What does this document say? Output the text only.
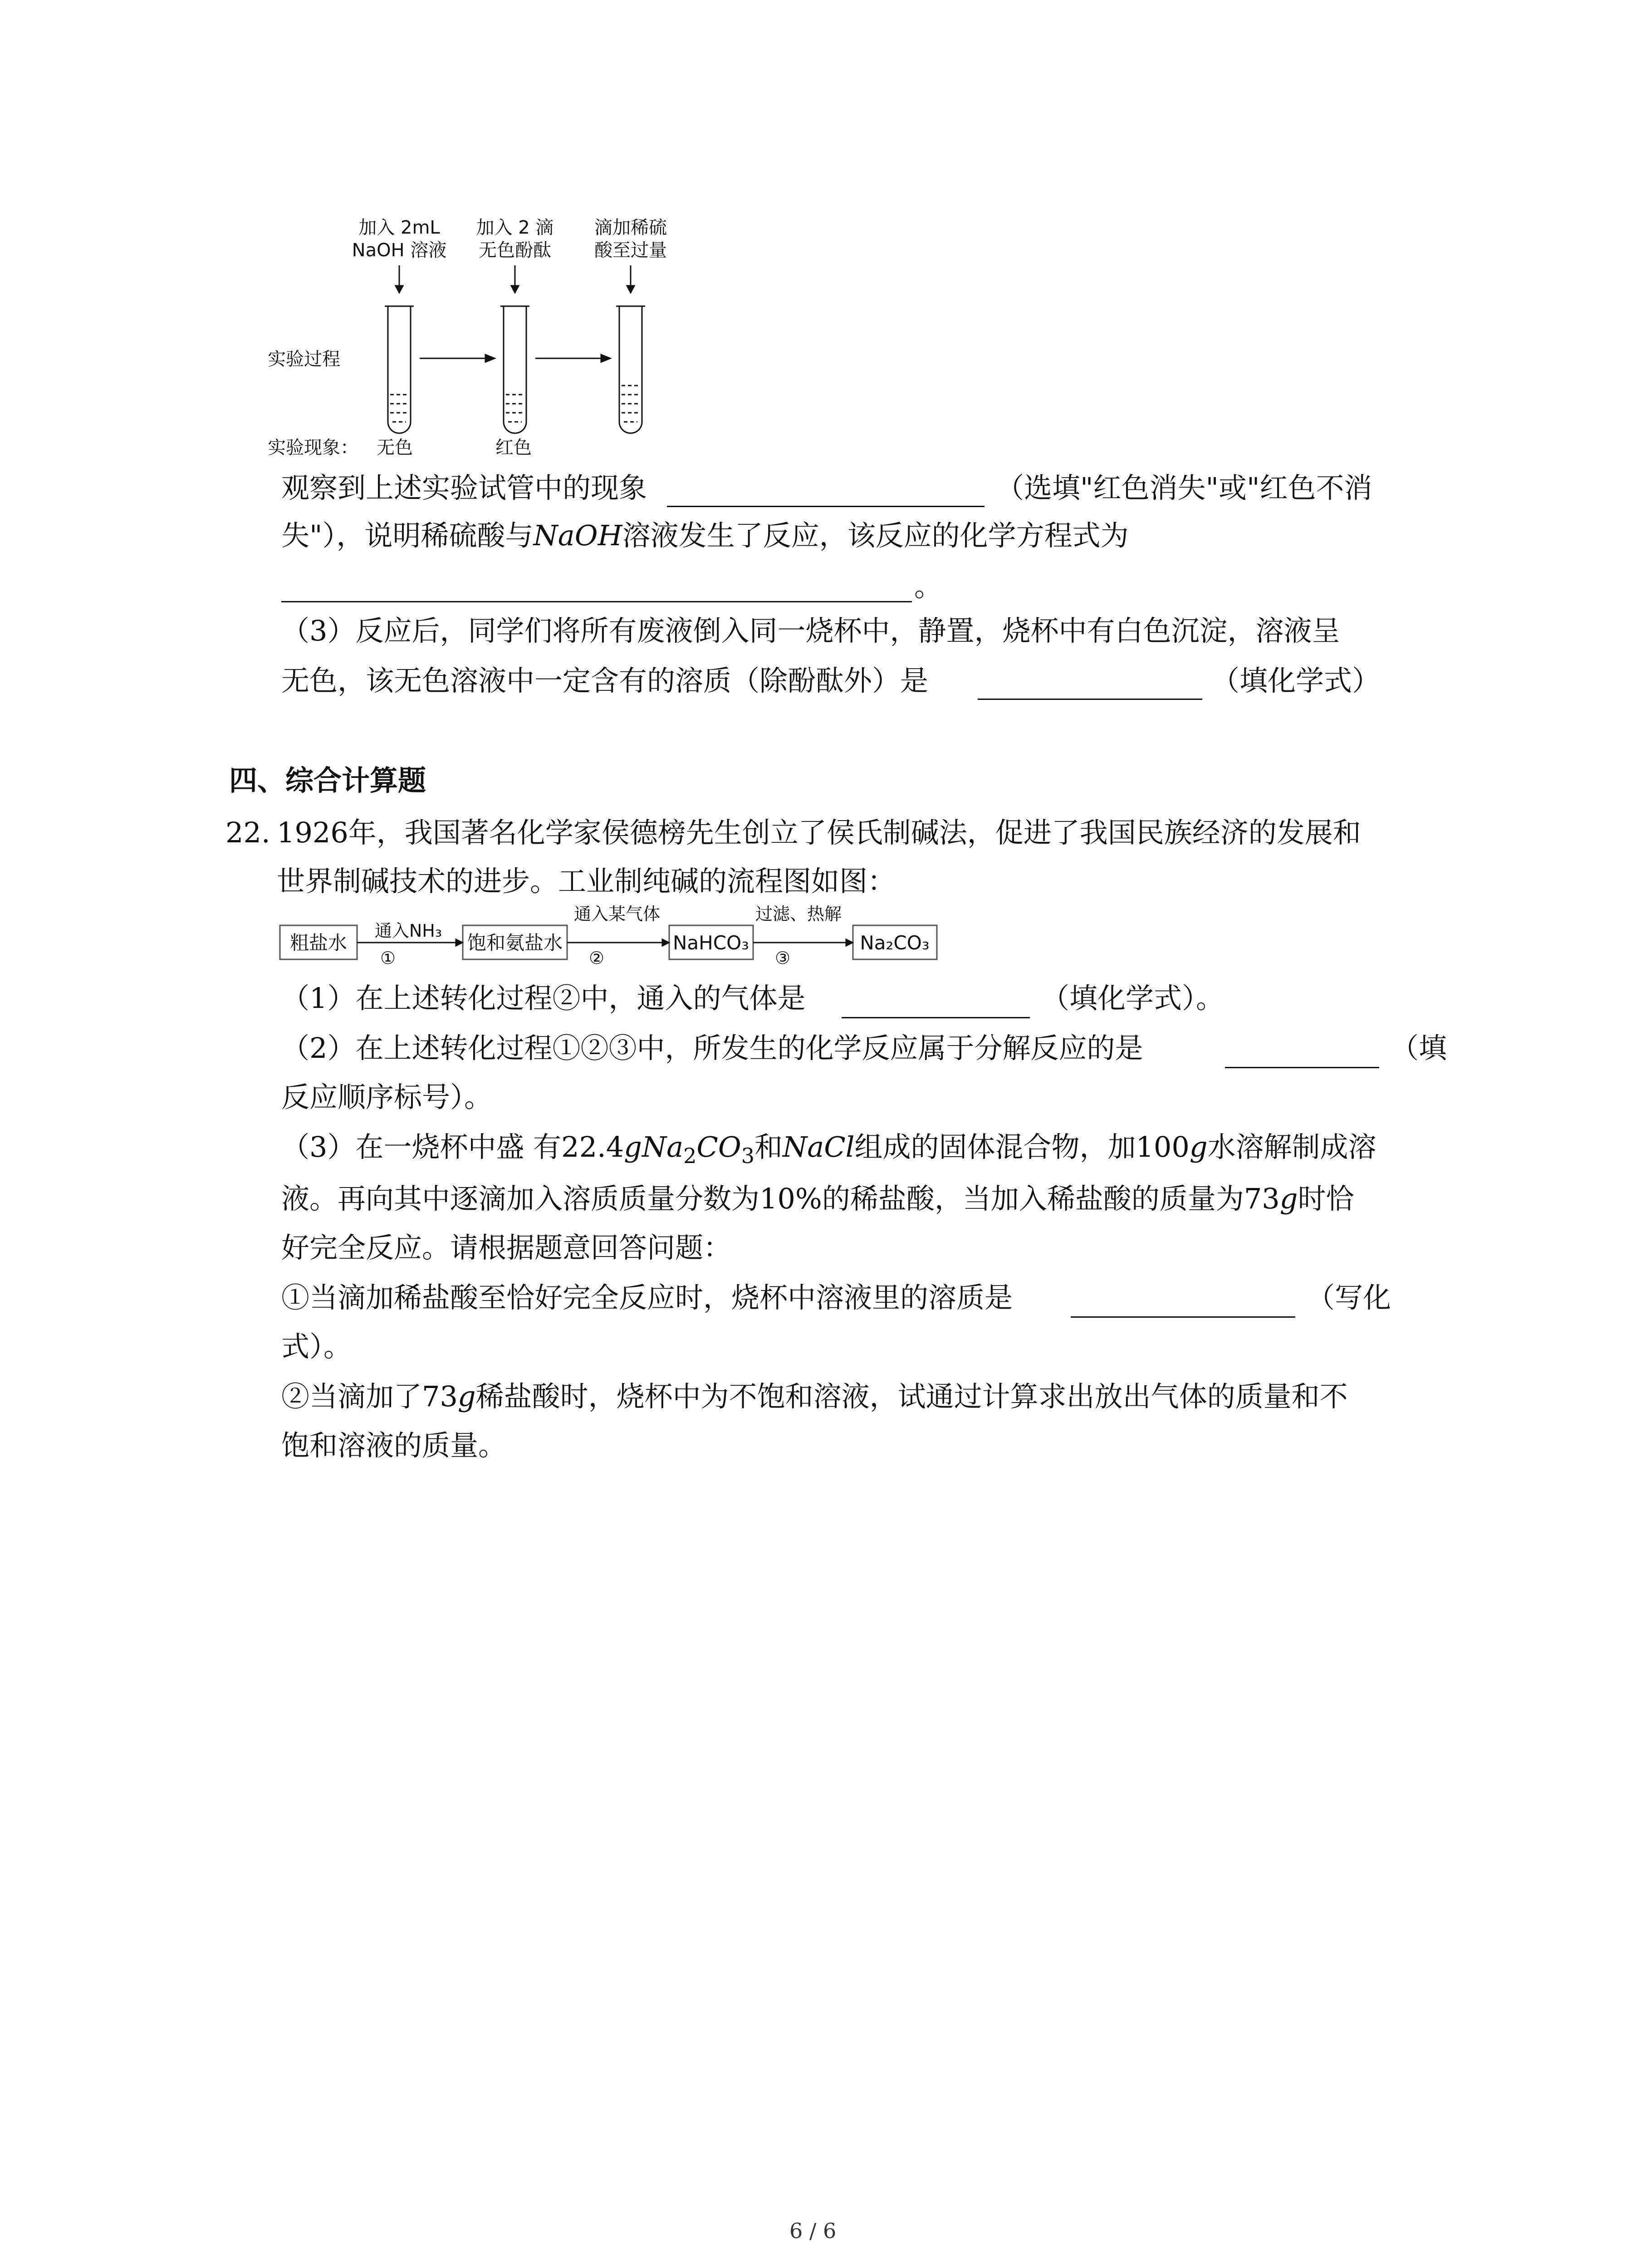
加入 2mL
NaOH 溶液
加入 2 滴
无色酚酞
滴加稀硫
酸至过量
实验过程
实验现象： 无色	红色
观察到上述实验试管中的现象	（选填"红色消失"或"红色不消
失"），说明稀硫酸与NaOH溶液发生了反应，该反应的化学方程式为
。
（3）反应后，同学们将所有废液倒入同一烧杯中，静置，烧杯中有白色沉淀，溶液呈
无色，该无色溶液中一定含有的溶质（除酚酞外）是	（填化学式）
四、综合计算题
22. 1926年，我国著名化学家侯德榜先生创立了侯氏制碱法，促进了我国民族经济的发展和
世界制碱技术的进步。工业制纯碱的流程图如图：
粗盐水	饱和氨盐水	NaHCO₃	Na₂CO₃
通入NH₃
①
通入某气体
②
过滤、热解
③
（1）在上述转化过程②中，通入的气体是	（填化学式）。
（2）在上述转化过程①②③中，所发生的化学反应属于分解反应的是	（填
反应顺序标号）。
（3）在一烧杯中盛 有$22.4gNa_2CO_3$和NaCl组成的固体混合物，加100g水溶解制成溶
液。再向其中逐滴加入溶质质量分数为10%的稀盐酸，当加入稀盐酸的质量为73g时恰
好完全反应。请根据题意回答问题：
①当滴加稀盐酸至恰好完全反应时，烧杯中溶液里的溶质是	（写化
式）。
②当滴加了73g稀盐酸时，烧杯中为不饱和溶液，试通过计算求出放出气体的质量和不
饱和溶液的质量。
6 / 6
